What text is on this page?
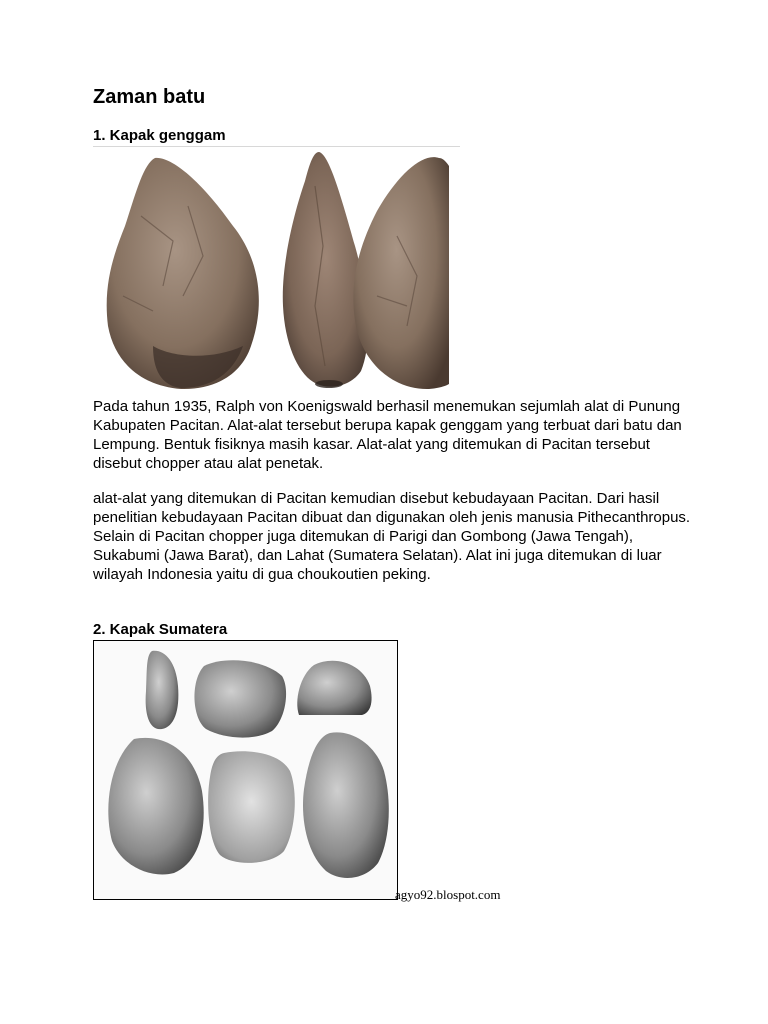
Zaman batu
1. Kapak genggam

Pada tahun 1935, Ralph von Koenigswald berhasil menemukan sejumlah alat di Punung Kabupaten Pacitan. Alat-alat tersebut berupa kapak genggam yang terbuat dari batu dan Lempung. Bentuk fisiknya masih kasar. Alat-alat yang ditemukan di Pacitan tersebut disebut chopper atau alat penetak.

alat-alat yang ditemukan di Pacitan kemudian disebut kebudayaan Pacitan. Dari hasil penelitian kebudayaan Pacitan dibuat dan digunakan oleh jenis manusia Pithecanthropus. Selain di Pacitan chopper juga ditemukan di Parigi dan Gombong (Jawa Tengah), Sukabumi (Jawa Barat), dan Lahat (Sumatera Selatan). Alat ini juga ditemukan di luar wilayah Indonesia yaitu di gua choukoutien peking.

2. Kapak Sumatera

agyo92.blospot.com
